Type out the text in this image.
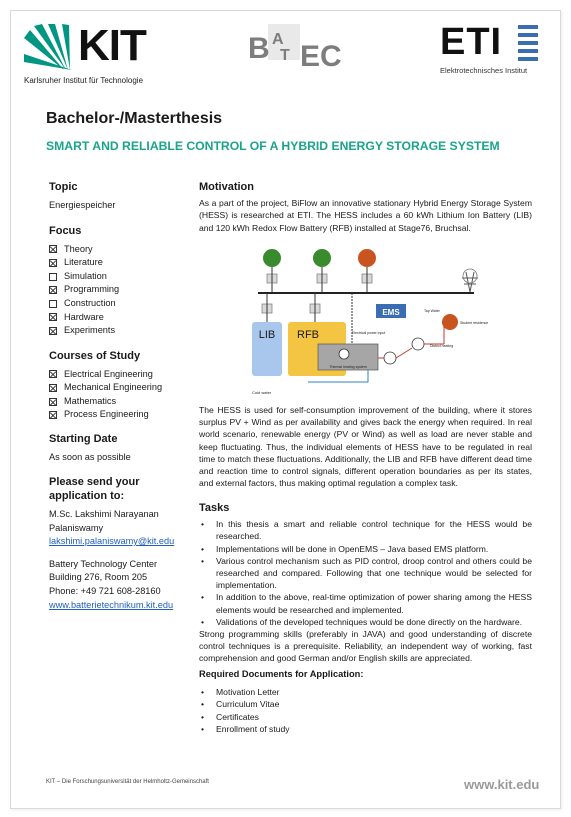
KIT
Karlsruher Institut für Technologie
B A
T EC	ETI
Elektrotechnisches Institut
Bachelor-/Masterthesis
SMART AND RELIABLE CONTROL OF A HYBRID ENERGY STORAGE SYSTEM
Topic

Energiespeicher

Focus
Theory
Literature
Simulation
Programming
Construction
Hardware
Experiments
Courses of Study
Electrical Engineering
Mechanical Engineering
Mathematics
Process Engineering
Starting Date

As soon as possible

Please send your
application to:

M.Sc. Lakshimi Narayanan

Palaniswamy

lakshimi.palaniswamy@kit.edu

Battery Technology Center

Building 276, Room 205

Phone: +49 721 608-28160

www.batterietechnikum.kit.edu

Motivation

As a part of the project, BiFlow an innovative stationary Hybrid Energy Storage System (HESS) is researched at ETI. The HESS includes a 60 kWh Lithium Ion Battery (LIB) and 120 kWh Redox Flow Battery (RFB) installed at Stage76, Bruchsal.

LIB RFB
EMS
Thermal heating system
Electrical power input
Tap Water
Student residence
District heating
Cold water

The HESS is used for self-consumption improvement of the building, where it stores surplus PV + Wind as per availability and gives back the energy when required. In real world scenario, renewable energy (PV or Wind) as well as load are never stable and keep fluctuating. Thus, the individual elements of HESS have to be regulated in real time to match these fluctuations. Additionally, the LIB and RFB have different dead time and reaction time to control signals, different operation boundaries as per its states, and external factors, thus making optimal regulation a complex task.

Tasks
• In this thesis a smart and reliable control technique for the HESS would be researched.
• Implementations will be done in OpenEMS – Java based EMS platform.
• Various control mechanism such as PID control, droop control and others could be researched and compared. Following that one technique would be selected for implementation.
• In addition to the above, real-time optimization of power sharing among the HESS elements would be researched and implemented.
• Validations of the developed techniques would be done directly on the hardware.

Strong programming skills (preferably in JAVA) and good understanding of discrete control techniques is a prerequisite. Reliability, an independent way of working, fast comprehension and good German and/or English skills are appreciated.

Required Documents for Application:
• Motivation Letter
• Curriculum Vitae
• Certificates
• Enrollment of study
KIT – Die Forschungsuniversität der Helmholtz-Gemeinschaft	www.kit.edu
